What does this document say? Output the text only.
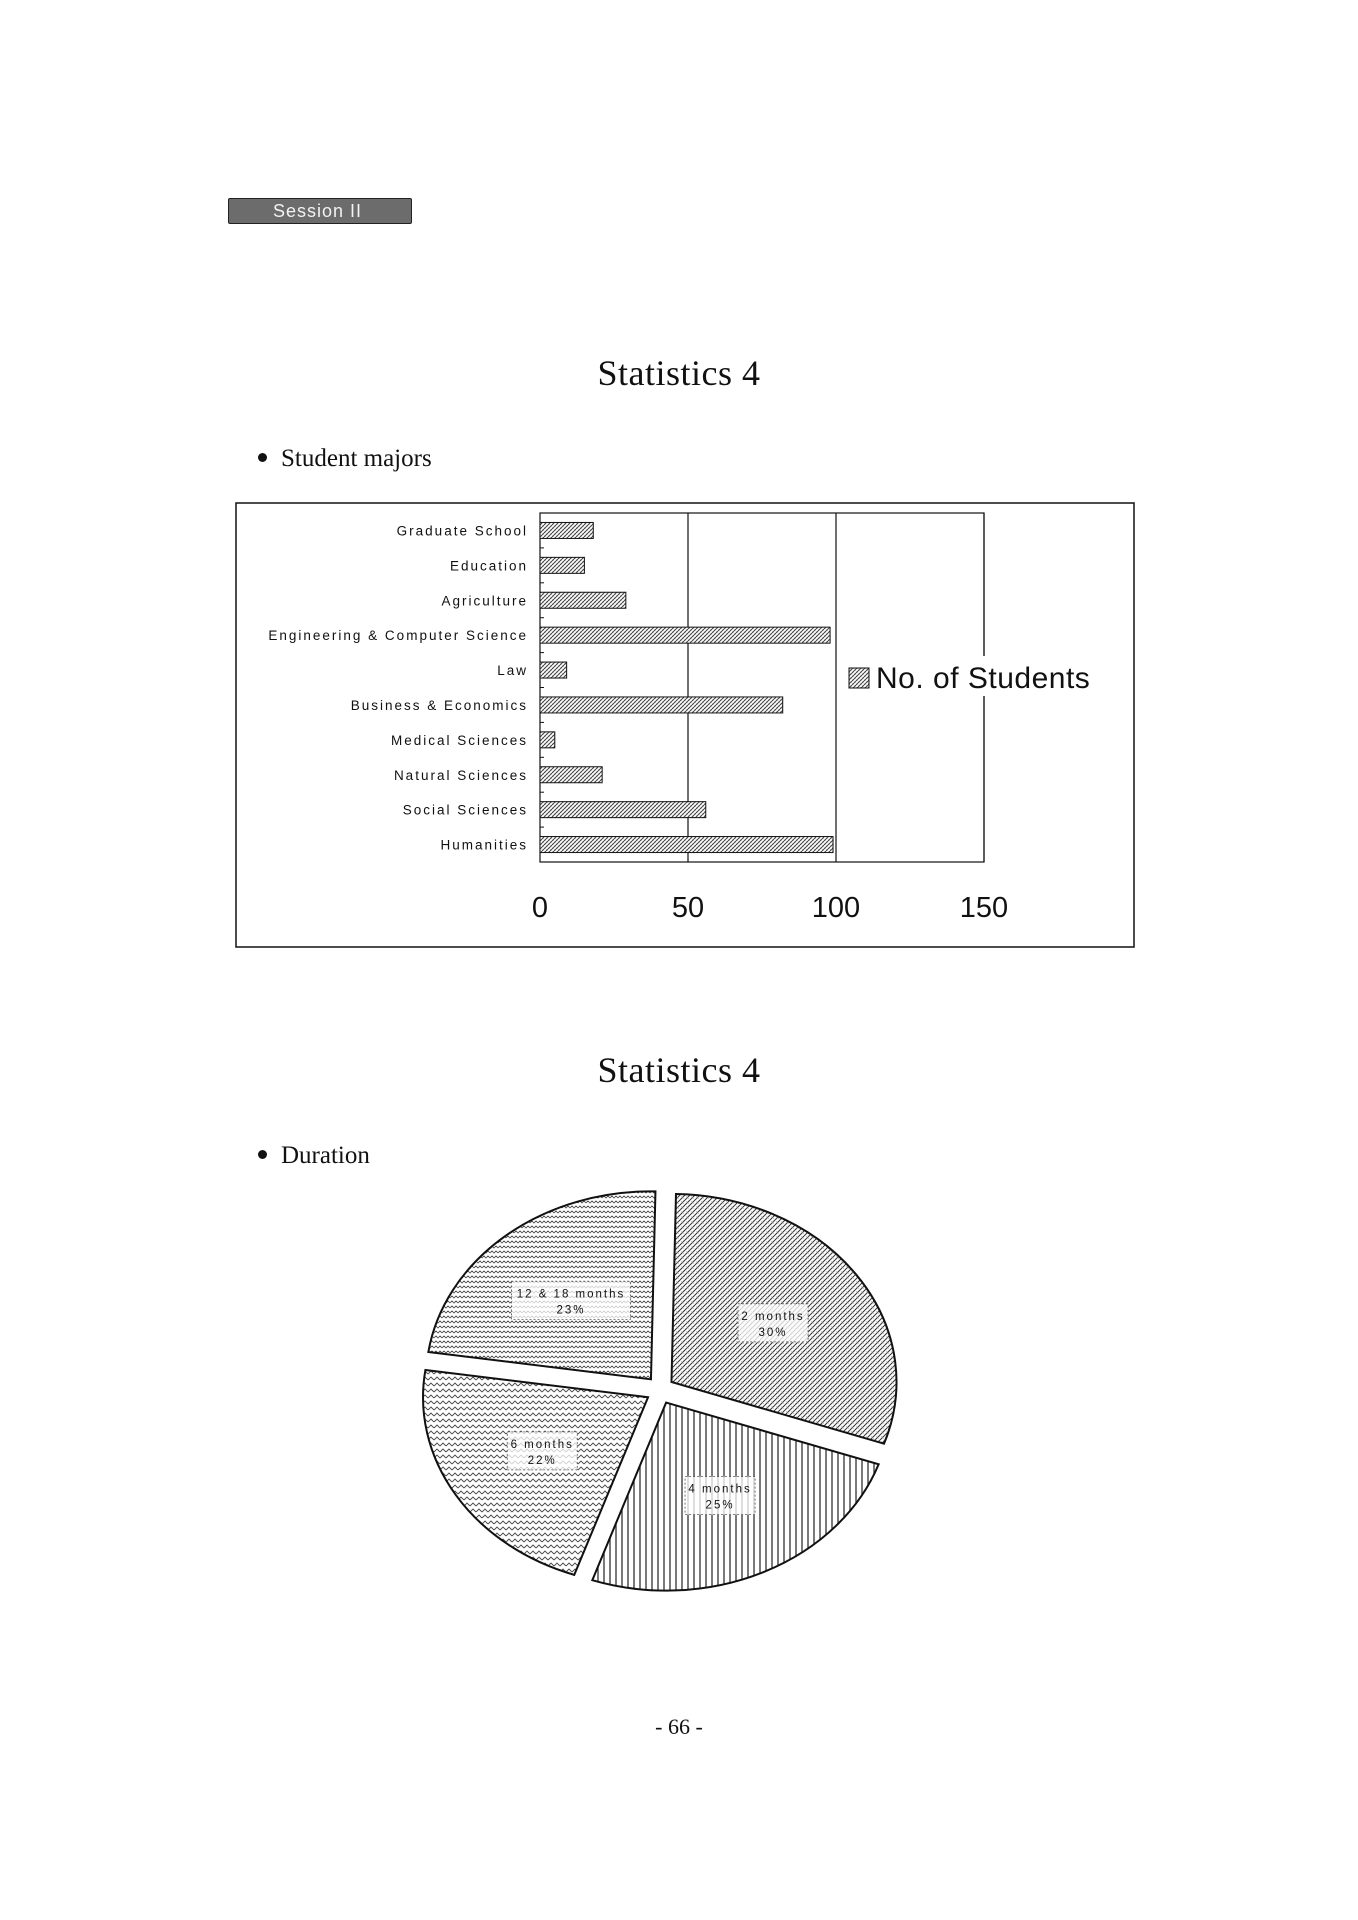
Session II
Statistics 4
Student majors
Graduate School
Education
Agriculture
Engineering & Computer Science
Law
Business & Economics
Medical Sciences
Natural Sciences
Social Sciences
Humanities
0	50	100	150
No. of Students
Statistics 4
Duration
2 months
30%
4 months
25%
6 months
22%
12 & 18 months
23%
- 66 -
